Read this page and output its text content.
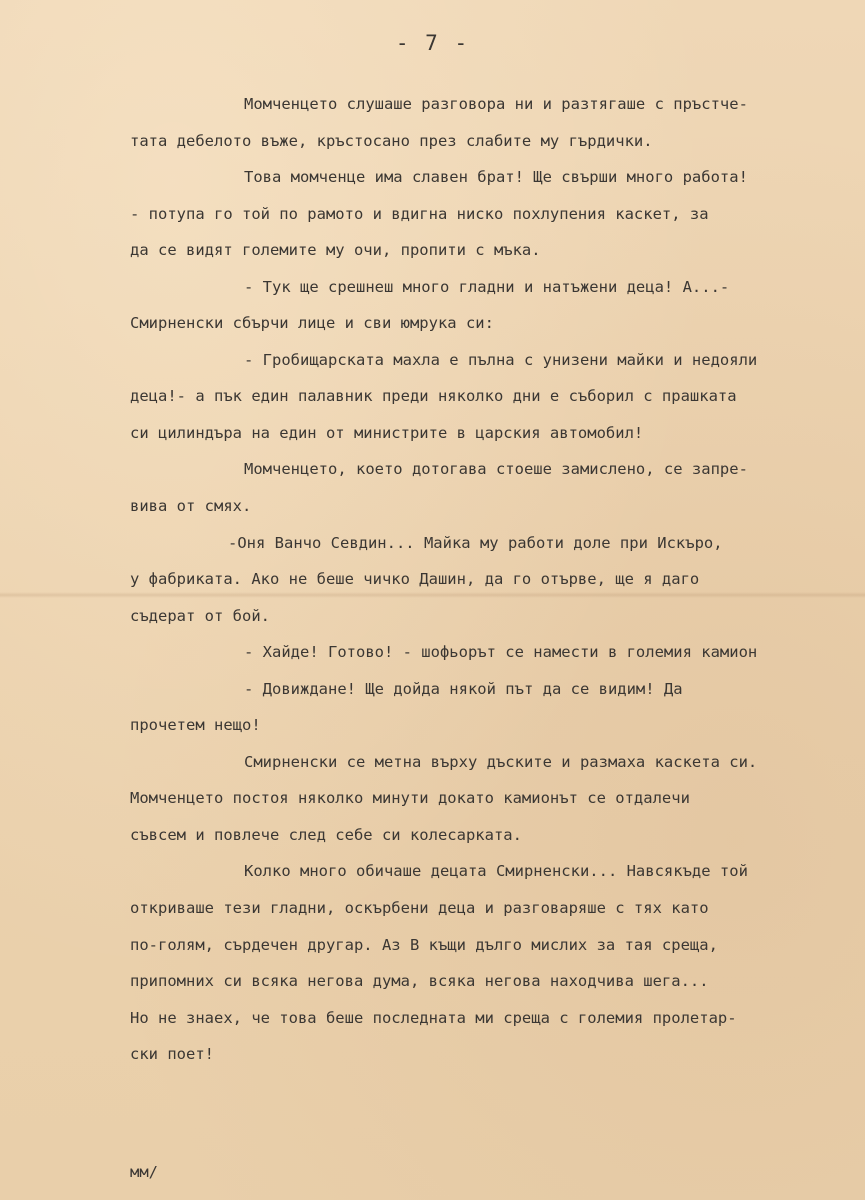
- 7 -
Момченцето слушаше разговора ни и разтягаше с пръстче-
тата дебелото въже, кръстосано през слабите му гърдички.
Това момченце има славен брат! Ще свърши много работа!
- потупа го той по рамото и вдигна ниско похлупения каскет, за
да се видят големите му очи, пропити с мъка.
- Тук ще срешнеш много гладни и натъжени деца! А...-
Смирненски сбърчи лице и сви юмрука си:
- Гробищарската махла е пълна с унизени майки и недояли
деца!- а пък един палавник преди няколко дни е съборил с прашката
си цилиндъра на един от министрите в царския автомобил!
Момченцето, което дотогава стоеше замислено, се запре-
вива от смях.
-Оня Ванчо Севдин... Майка му работи доле при Искъро,
у фабриката. Ако не беше чичко Дашин, да го отърве, ще я даго
съдерат от бой.
- Хайде! Готово! - шофьорът се намести в големия камион
- Довиждане! Ще дойда някой път да се видим! Да
прочетем нещо!
Смирненски се метна върху дъските и размаха каскета си.
Момченцето постоя няколко минути докато камионът се отдалечи
съвсем и повлече след себе си колесарката.
Колко много обичаше децата Смирненски... Навсякъде той
откриваше тези гладни, оскърбени деца и разговаряше с тях като
по-голям, сърдечен другар. Аз В къщи дълго мислих за тая среща,
припомних си всяка негова дума, всяка негова находчива шега...
Но не знаех, че това беше последната ми среща с големия пролетар-
ски поет!
мм/
